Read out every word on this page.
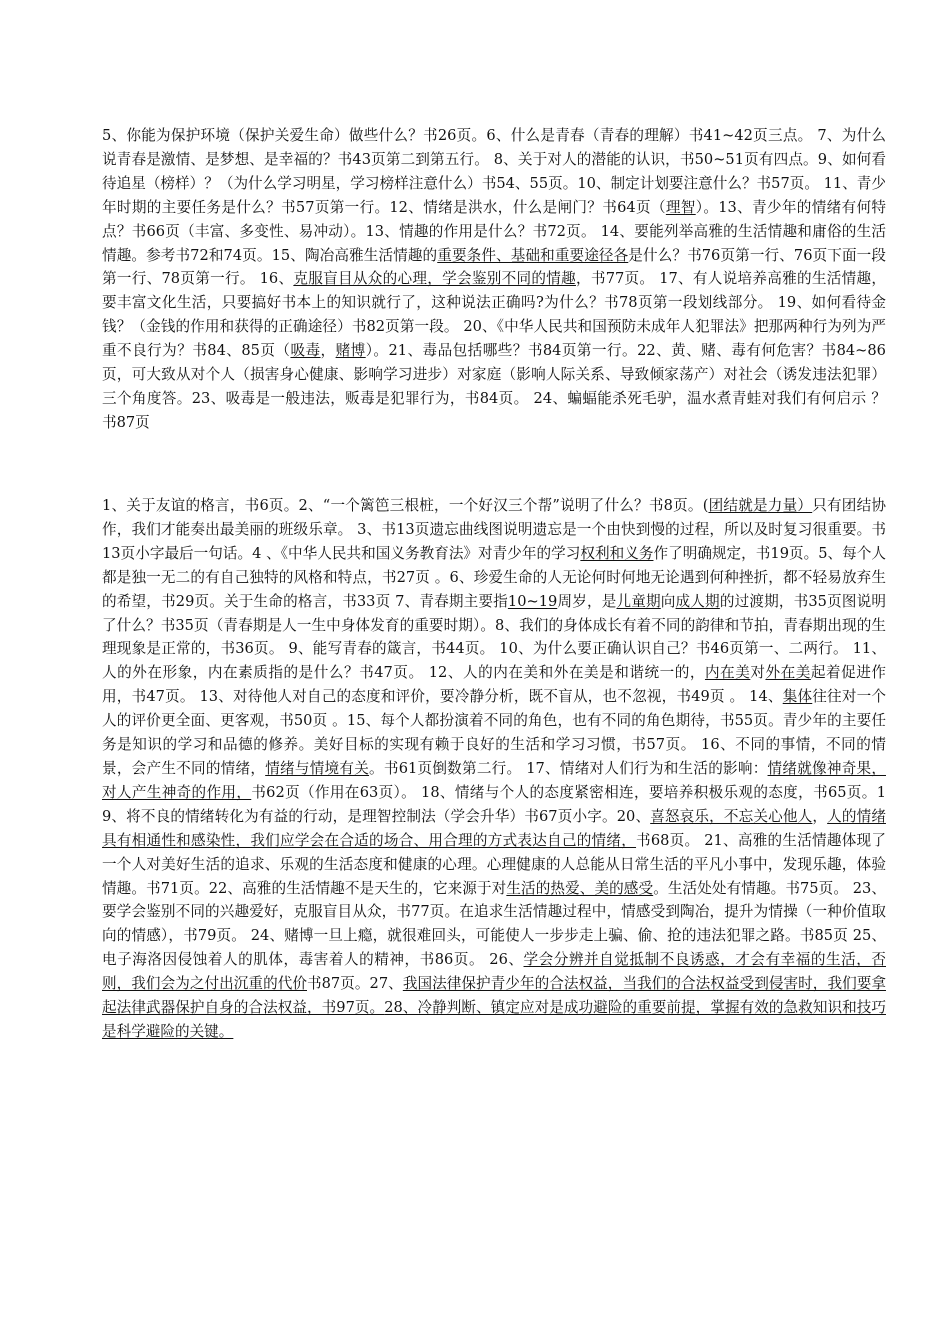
5、你能为保护环境（保护关爱生命）做些什么？书26页。6、什么是青春（青春的理解）书41~42页三点。 7、为什么说青春是激情、是梦想、是幸福的？书43页第二到第五行。 8、关于对人的潜能的认识，书50~51页有四点。9、如何看待追星（榜样）？（为什么学习明星，学习榜样注意什么）书54、55页。10、制定计划要注意什么？书57页。 11、青少年时期的主要任务是什么？书57页第一行。12、情绪是洪水，什么是闸门？书64页（理智）。13、青少年的情绪有何特点？书66页（丰富、多变性、易冲动）。13、情趣的作用是什么？书72页。 14、要能列举高雅的生活情趣和庸俗的生活情趣。参考书72和74页。15、陶冶高雅生活情趣的重要条件、基础和重要途径各是什么？书76页第一行、76页下面一段第一行、78页第一行。 16、克服盲目从众的心理，学会鉴别不同的情趣，书77页。 17、有人说培养高雅的生活情趣，要丰富文化生活，只要搞好书本上的知识就行了，这种说法正确吗?为什么？书78页第一段划线部分。 19、如何看待金钱？（金钱的作用和获得的正确途径）书82页第一段。 20、《中华人民共和国预防未成年人犯罪法》把那两种行为列为严重不良行为？书84、85页（吸毒，赌博）。21、毒品包括哪些？书84页第一行。22、黄、赌、毒有何危害？书84~86页，可大致从对个人（损害身心健康、影响学习进步）对家庭（影响人际关系、导致倾家荡产）对社会（诱发违法犯罪）三个角度答。23、吸毒是一般违法，贩毒是犯罪行为，书84页。 24、蝙蝠能杀死毛驴，温水煮青蛙对我们有何启示 ？ 书87页

1、关于友谊的格言，书6页。2、“一个篱笆三根桩，一个好汉三个帮”说明了什么？书8页。(团结就是力量）只有团结协作，我们才能奏出最美丽的班级乐章。 3、书13页遗忘曲线图说明遗忘是一个由快到慢的过程，所以及时复习很重要。书13页小字最后一句话。4 、《中华人民共和国义务教育法》对青少年的学习权利和义务作了明确规定，书19页。5、每个人都是独一无二的有自己独特的风格和特点，书27页 。6、珍爱生命的人无论何时何地无论遇到何种挫折，都不轻易放弃生的希望，书29页。关于生命的格言，书33页 7、青春期主要指10~19周岁，是儿童期向成人期的过渡期，书35页图说明了什么？书35页（青春期是人一生中身体发育的重要时期）。8、我们的身体成长有着不同的韵律和节拍，青春期出现的生理现象是正常的，书36页。 9、能写青春的箴言，书44页。 10、为什么要正确认识自己？书46页第一、二两行。 11、人的外在形象，内在素质指的是什么？书47页。 12、人的内在美和外在美是和谐统一的，内在美对外在美起着促进作用，书47页。 13、对待他人对自己的态度和评价，要冷静分析，既不盲从，也不忽视，书49页 。 14、集体往往对一个人的评价更全面、更客观，书50页 。15、每个人都扮演着不同的角色，也有不同的角色期待，书55页。青少年的主要任务是知识的学习和品德的修养。美好目标的实现有赖于良好的生活和学习习惯，书57页。 16、不同的事情，不同的情景，会产生不同的情绪，情绪与情境有关。书61页倒数第二行。 17、情绪对人们行为和生活的影响：情绪就像神奇果，对人产生神奇的作用，书62页（作用在63页）。 18、情绪与个人的态度紧密相连，要培养积极乐观的态度，书65页。19、将不良的情绪转化为有益的行动，是理智控制法（学会升华）书67页小字。20、喜怒哀乐，不忘关心他人，人的情绪具有相通性和感染性，我们应学会在合适的场合、用合理的方式表达自己的情绪，书68页。 21、高雅的生活情趣体现了一个人对美好生活的追求、乐观的生活态度和健康的心理。心理健康的人总能从日常生活的平凡小事中，发现乐趣，体验情趣。书71页。22、高雅的生活情趣不是天生的，它来源于对生活的热爱、美的感受。生活处处有情趣。书75页。 23、要学会鉴别不同的兴趣爱好，克服盲目从众，书77页。在追求生活情趣过程中，情感受到陶冶，提升为情操（一种价值取向的情感），书79页。 24、赌博一旦上瘾，就很难回头，可能使人一步步走上骗、偷、抢的违法犯罪之路。书85页 25、电子海洛因侵蚀着人的肌体，毒害着人的精神，书86页。 26、学会分辨并自觉抵制不良诱惑，才会有幸福的生活，否则，我们会为之付出沉重的代价书87页。27、我国法律保护青少年的合法权益，当我们的合法权益受到侵害时，我们要拿起法律武器保护自身的合法权益，书97页。28、冷静判断、镇定应对是成功避险的重要前提，掌握有效的急救知识和技巧是科学避险的关键。
